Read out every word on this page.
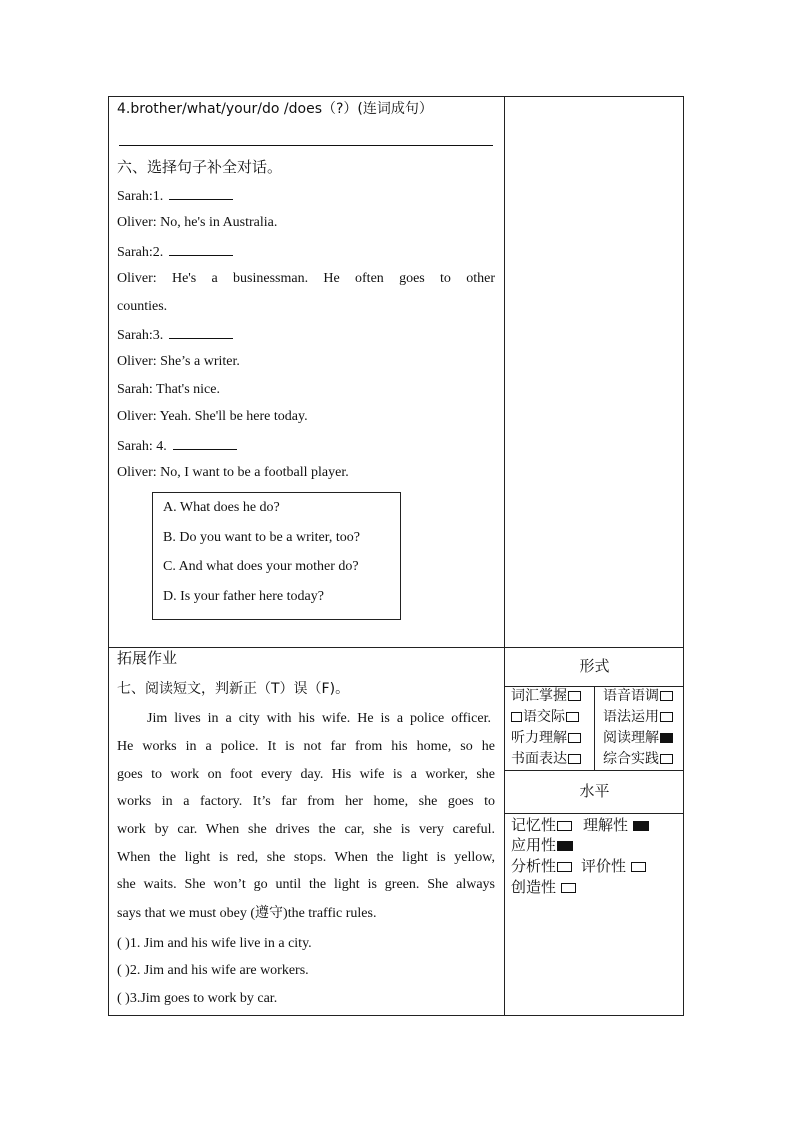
4.brother/what/your/do /does（?）(连词成句）
六、选择句子补全对话。
Sarah:1.
Oliver: No, he's in Australia.
Sarah:2.
Oliver: He's a businessman. He often goes to other
counties.
Sarah:3.
Oliver: She’s a writer.
Sarah: That's nice.
Oliver: Yeah. She'll be here today.
Sarah: 4.
Oliver: No, I want to be a football player.
A. What does he do?
B. Do you want to be a writer, too?
C. And what does your mother do?
D. Is your father here today?
拓展作业
七、阅读短文，判新正（T）误（F)。
Jim lives in a city with his wife. He is a police officer.
He works in a police. It is not far from his home, so he
goes to work on foot every day. His wife is a worker, she
works in a factory. It’s far from her home, she goes to
work by car. When she drives the car, she is very careful.
When the light is red, she stops. When the light is yellow,
she waits. She won’t go until the light is green. She always
says that we must obey (遵守)the traffic rules.
( )1. Jim and his wife live in a city.
( )2. Jim and his wife are workers.
( )3.Jim goes to work by car.
形式
词汇掌握	语音语调
语交际	语法运用
听力理解	阅读理解
书面表达	综合实践
水平
记忆性	理解性
应用性
分析性	评价性
创造性
